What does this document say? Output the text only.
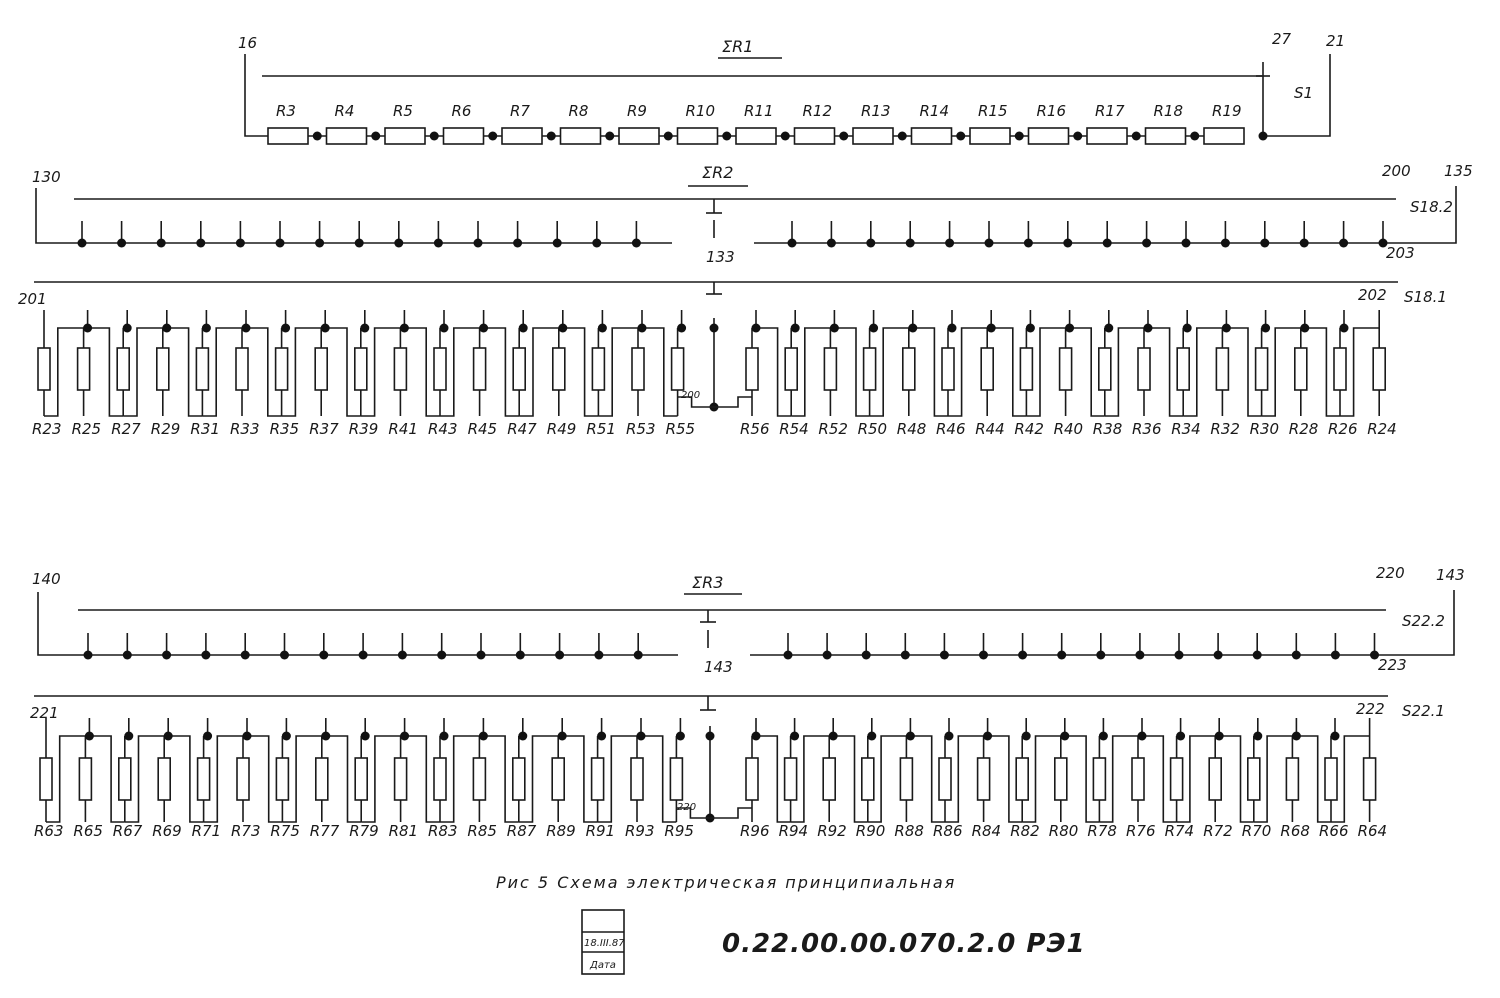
ΣR1
16	27 21
S1
R3	R4	R5	R6	R7	R8	R9	R10 R11 R12 R13 R14 R15 R16 R17 R18 R19
ΣR2
130	200 135
S18.2
133	203
201	202 S18.1
200
R23 R25 R27 R29 R31 R33 R35 R37 R39 R41 R43 R45 R47 R49 R51 R53 R55	R56 R54 R52 R50 R48 R46 R44 R42 R40 R38 R36 R34 R32 R30 R28 R26 R24
ΣR3
140	220 143
S22.2
143	223
221	222 S22.1
220
R63 R65 R67 R69 R71 R73 R75 R77 R79 R81 R83 R85 R87 R89 R91 R93 R95	R96 R94 R92 R90 R88 R86 R84 R82 R80 R78 R76 R74 R72 R70 R68 R66 R64
Рис 5 Схема электрическая принципиальная
18.III.87
Дата
0.22.00.00.070.2.0 РЭ1
